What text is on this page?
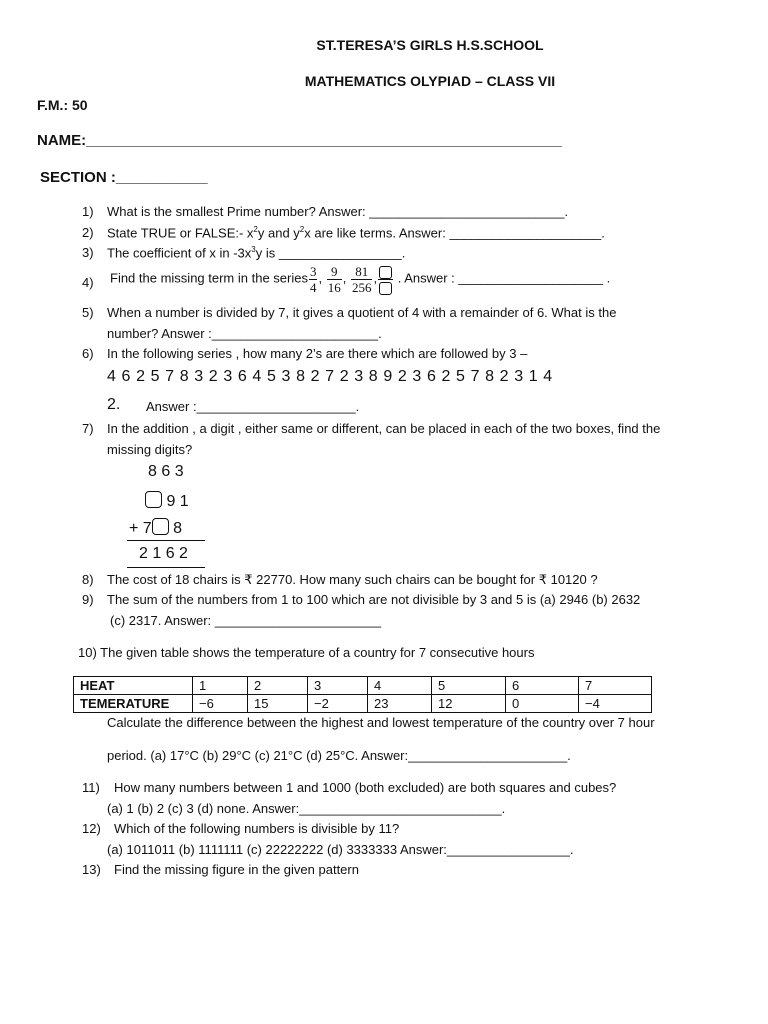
ST.TERESA’S GIRLS H.S.SCHOOL
MATHEMATICS OLYPIAD – CLASS VII
F.M.: 50
NAME:_________________________________________________________
SECTION :___________
1) What is the smallest Prime number? Answer: ___________________________.
2) State TRUE or FALSE:- $x^2y$ and $y^2x$ are like terms. Answer: _____________________.
3) The coefficient of x in $-3x^3y$ is _________________.
4) Find the missing term in the series $\frac{3}{4}$ , $\frac{9}{16}$ , $\frac{81}{256}$ , . Answer : ____________________ .
5) When a number is divided by 7, it gives a quotient of 4 with a remainder of 6. What is the
number? Answer :_______________________.
6) In the following series , how many 2’s are there which are followed by 3 –
4 6 2 5 7 8 3 2 3 6 4 5 3 8 2 7 2 3 8 9 2 3 6 2 5 7 8 2 3 1 4
2. Answer :______________________.
7) In the addition , a digit , either same or different, can be placed in each of the two boxes, find the
missing digits?
8 6 3
9 1
+ 7 8
2 1 6 2
8) The cost of 18 chairs is ₹ 22770. How many such chairs can be bought for ₹ 10120 ?
9) The sum of the numbers from 1 to 100 which are not divisible by 3 and 5 is (a) 2946 (b) 2632
(c) 2317. Answer: _______________________
10) The given table shows the temperature of a country for 7 consecutive hours
HEAT	1	2	3	4	5	6	7
TEMERATURE	−6	15	−2	23	12	0	−4
Calculate the difference between the highest and lowest temperature of the country over 7 hour
period. (a) 17°C (b) 29°C (c) 21°C (d) 25°C. Answer:______________________.
11) How many numbers between 1 and 1000 (both excluded) are both squares and cubes?
(a) 1 (b) 2 (c) 3 (d) none. Answer:____________________________.
12) Which of the following numbers is divisible by 11?
(a) 1011011 (b) 1111111 (c) 22222222 (d) 3333333 Answer:_________________.
13) Find the missing figure in the given pattern
